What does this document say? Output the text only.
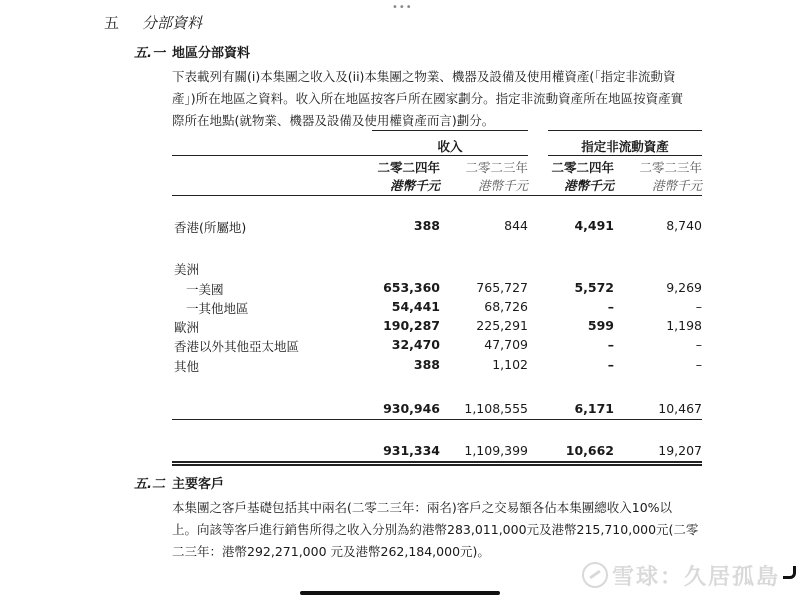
•••
五 分部資料
五.一 地區分部資料
下表載列有關(i)本集團之收入及(ii)本集團之物業、機器及設備及使用權資產(「指定非流動資
產」)所在地區之資料。收入所在地區按客戶所在國家劃分。指定非流動資產所在地區按資產實
際所在地點(就物業、機器及設備及使用權資產而言)劃分。
收入	指定非流動資產
二零二四年	二零二三年	二零二四年	二零二三年
港幣千元	港幣千元	港幣千元	港幣千元
香港(所屬地)	388	844	4,491	8,740
美洲
一美國	653,360	765,727	5,572	9,269
一其他地區	54,441	68,726	–	–
歐洲	190,287	225,291	599	1,198
香港以外其他亞太地區	32,470	47,709	–	–
其他	388	1,102	–	–
930,946	1,108,555	6,171	10,467
931,334	1,109,399	10,662	19,207
五.二 主要客戶
本集團之客戶基礎包括其中兩名(二零二三年：兩名)客戶之交易額各佔本集團總收入10%以
上。向該等客戶進行銷售所得之收入分別為約港幣283,011,000元及港幣215,710,000元(二零
二三年：港幣292,271,000 元及港幣262,184,000元)。
雪球：久居孤島
